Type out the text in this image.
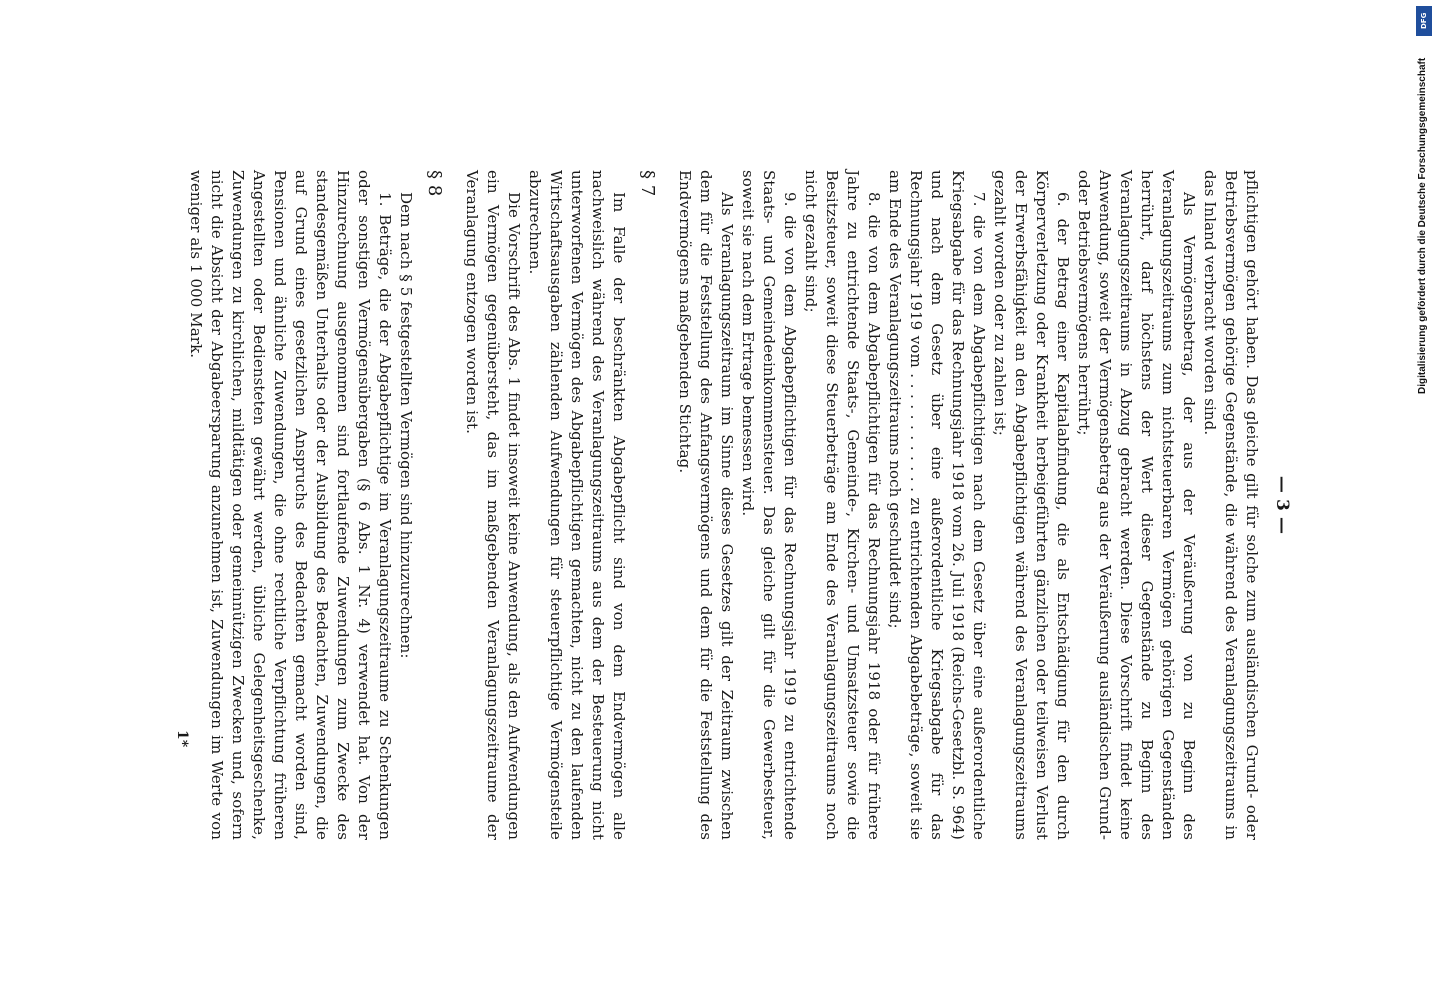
— 3 —

pflichtigen gehört haben. Das gleiche gilt für solche zum ausländischen Grund- oder Betriebsvermögen gehörige Gegenstände, die während des Veranlagungszeitraums in das Inland verbracht worden sind.

Als Vermögensbetrag, der aus der Veräußerung von zu Beginn des Veranlagungszeitraums zum nichtsteuerbaren Vermögen gehörigen Gegenständen herrührt, darf höchstens der Wert dieser Gegenstände zu Beginn des Veranlagungszeitraums in Abzug gebracht werden. Diese Vorschrift findet keine Anwendung, soweit der Vermögensbetrag aus der Veräußerung ausländischen Grund- oder Betriebsvermögens herrührt;

6. der Betrag einer Kapitalabfindung, die als Entschädigung für den durch Körperverletzung oder Krankheit herbeigeführten gänzlichen oder teilweisen Verlust der Erwerbsfähigkeit an den Abgabepflichtigen während des Veranlagungszeitraums gezahlt worden oder zu zahlen ist;

7. die von dem Abgabepflichtigen nach dem Gesetz über eine außerordentliche Kriegsabgabe für das Rechnungsjahr 1918 vom 26. Juli 1918 (Reichs-Gesetzbl. S. 964) und nach dem Gesetz über eine außerordentliche Kriegsabgabe für das Rechnungsjahr 1919 vom . . . . . . . . . . . . zu entrichtenden Abgabebeträge, soweit sie am Ende des Veranlagungszeitraums noch geschuldet sind;

8. die von dem Abgabepflichtigen für das Rechnungsjahr 1918 oder für frühere Jahre zu entrichtende Staats-, Gemeinde-, Kirchen- und Umsatzsteuer sowie die Besitzsteuer, soweit diese Steuerbeträge am Ende des Veranlagungszeitraums noch nicht gezahlt sind;

9. die von dem Abgabepflichtigen für das Rechnungsjahr 1919 zu entrichtende Staats- und Gemeindeeinkommensteuer. Das gleiche gilt für die Gewerbesteuer, soweit sie nach dem Ertrage bemessen wird.

Als Veranlagungszeitraum im Sinne dieses Gesetzes gilt der Zeitraum zwischen dem für die Feststellung des Anfangsvermögens und dem für die Feststellung des Endvermögens maßgebenden Stichtag.

§ 7

Im Falle der beschränkten Abgabepflicht sind von dem Endvermögen alle nachweislich während des Veranlagungszeitraums aus dem der Besteuerung nicht unterworfenen Vermögen des Abgabepflichtigen gemachten, nicht zu den laufenden Wirtschaftsausgaben zählenden Aufwendungen für steuerpflichtige Vermögensteile abzurechnen.

Die Vorschrift des Abs. 1 findet insoweit keine Anwendung, als den Aufwendungen ein Vermögen gegenübersteht, das im maßgebenden Veranlagungszeitraume der Veranlagung entzogen worden ist.

§ 8

Dem nach § 5 festgestellten Vermögen sind hinzuzurechnen:

1. Beträge, die der Abgabepflichtige im Veranlagungszeitraume zu Schenkungen oder sonstigen Vermögensübergaben (§ 6 Abs. 1 Nr. 4) verwendet hat. Von der Hinzurechnung ausgenommen sind fortlaufende Zuwendungen zum Zwecke des standesgemäßen Unterhalts oder der Ausbildung des Bedachten, Zuwendungen, die auf Grund eines gesetzlichen Anspruchs des Bedachten gemacht worden sind, Pensionen und ähnliche Zuwendungen, die ohne rechtliche Verpflichtung früheren Angestellten oder Bediensteten gewährt werden, übliche Gelegenheitsgeschenke, Zuwendungen zu kirchlichen, mildtätigen oder gemeinnützigen Zwecken und, sofern nicht die Absicht der Abgabeersparung anzunehmen ist, Zuwendungen im Werte von weniger als 1 000 Mark.

1*
DFG
Digitalisierung gefördert durch die Deutsche Forschungsgemeinschaft
